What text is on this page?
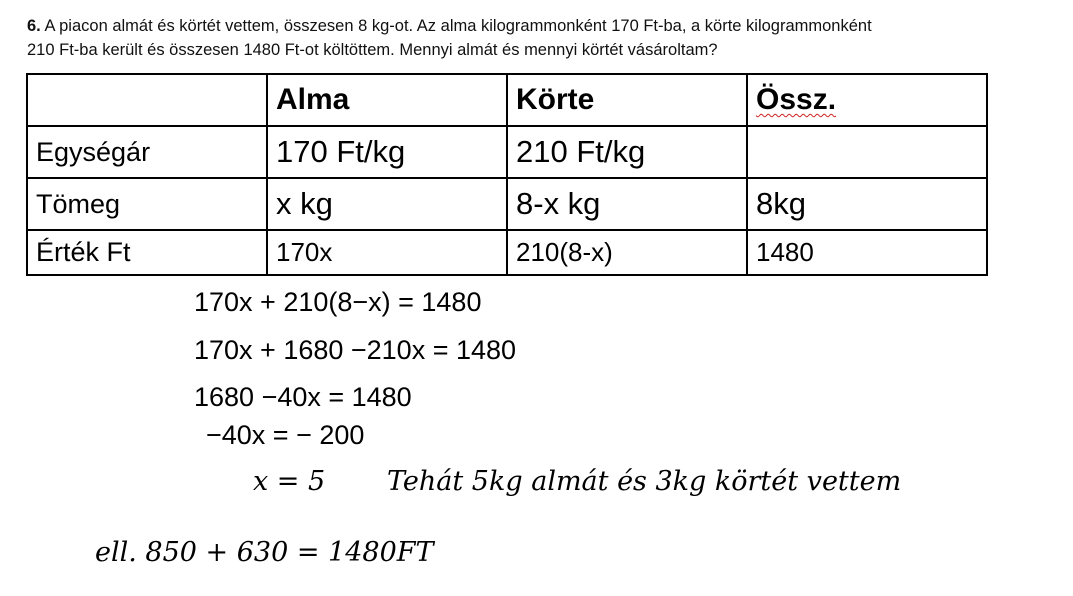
6. A piacon almát és körtét vettem, összesen 8 kg-ot. Az alma kilogrammonként 170 Ft-ba, a körte kilogrammonként
210 Ft-ba került és összesen 1480 Ft-ot költöttem. Mennyi almát és mennyi körtét vásároltam?
	Alma	Körte	Össz.
Egységár	170 Ft/kg	210 Ft/kg	
Tömeg	x kg	8-x kg	8kg
Érték Ft	170x	210(8-x)	1480
170x + 210(8−x) = 1480
170x + 1680 −210x = 1480
1680 −40x = 1480
−40x = − 200
x = 5 Tehát 5kg almát és 3kg körtét vettem
ell. 850 + 630 = 1480FT
